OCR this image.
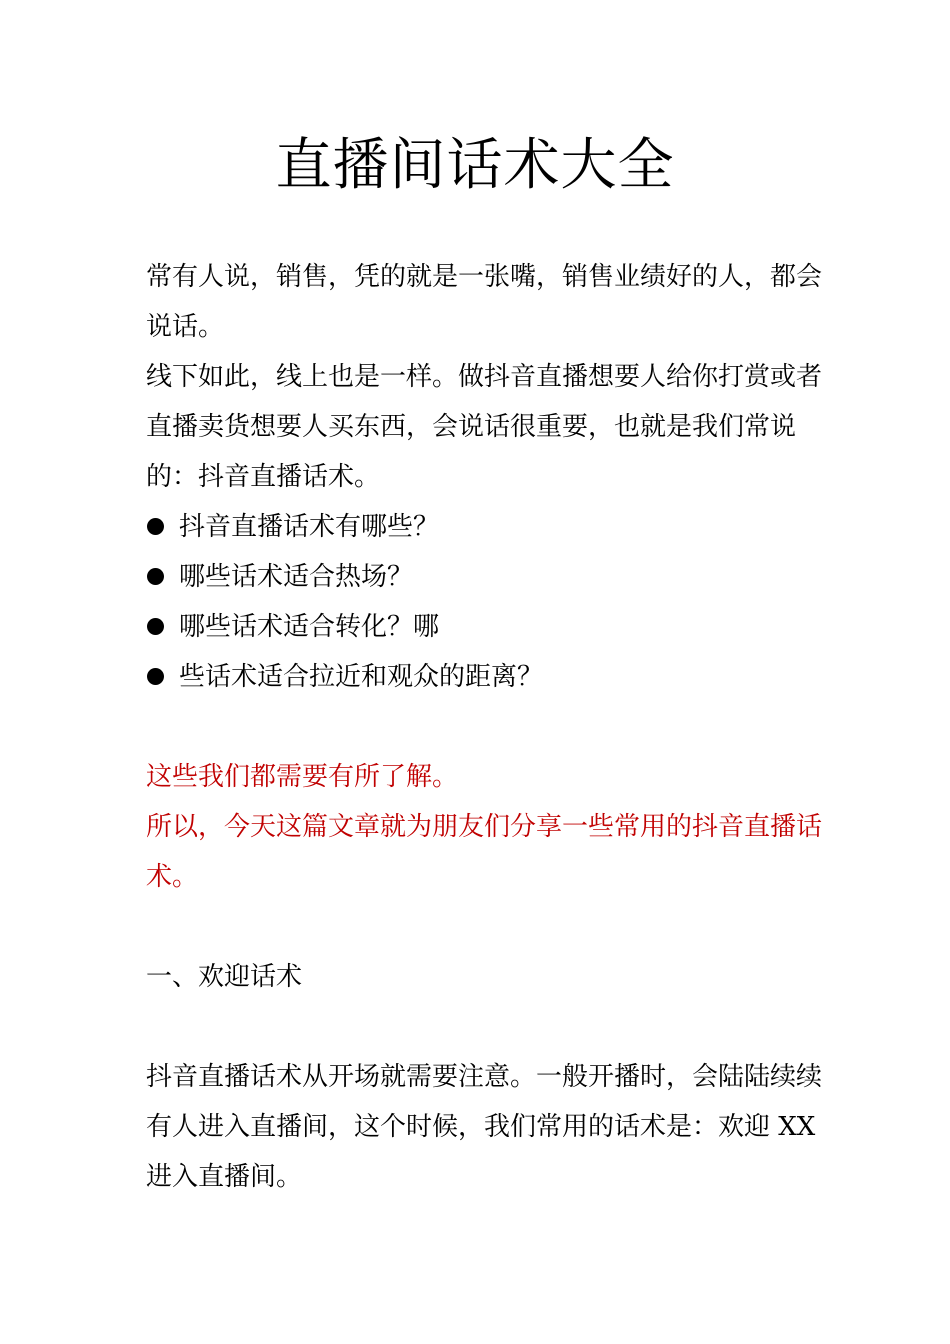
直播间话术大全

常有人说，销售，凭的就是一张嘴，销售业绩好的人，都会说话。

线下如此，线上也是一样。做抖音直播想要人给你打赏或者直播卖货想要人买东西，会说话很重要，也就是我们常说的：抖音直播话术。

抖音直播话术有哪些？
哪些话术适合热场？
哪些话术适合转化？哪
些话术适合拉近和观众的距离？

这些我们都需要有所了解。

所以，今天这篇文章就为朋友们分享一些常用的抖音直播话术。

一、欢迎话术

抖音直播话术从开场就需要注意。一般开播时，会陆陆续续有人进入直播间，这个时候，我们常用的话术是：欢迎 XX 进入直播间。
